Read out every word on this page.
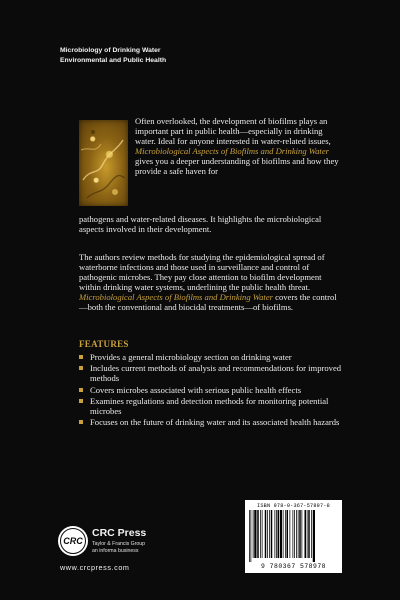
Microbiology of Drinking Water
Environmental and Public Health
Often overlooked, the development of biofilms plays an important part in public health—especially in drinking water. Ideal for anyone interested in water-related issues, Microbiological Aspects of Biofilms and Drinking Water gives you a deeper understanding of biofilms and how they provide a safe haven for
pathogens and water-related diseases. It highlights the microbiological aspects involved in their development.
The authors review methods for studying the epidemiological spread of waterborne infections and those used in surveillance and control of pathogenic microbes. They pay close attention to biofilm development within drinking water systems, underlining the public health threat. Microbiological Aspects of Biofilms and Drinking Water covers the control—both the conventional and biocidal treatments—of biofilms.
FEATURES
Provides a general microbiology section on drinking water
Includes current methods of analysis and recommendations for improved methods
Covers microbes associated with serious public health effects
Examines regulations and detection methods for monitoring potential microbes
Focuses on the future of drinking water and its associated health hazards
CRC
CRC Press
Taylor & Francis Group
an informa business
www.crcpress.com
ISBN 978-0-367-57897-8
9 780367 578978
